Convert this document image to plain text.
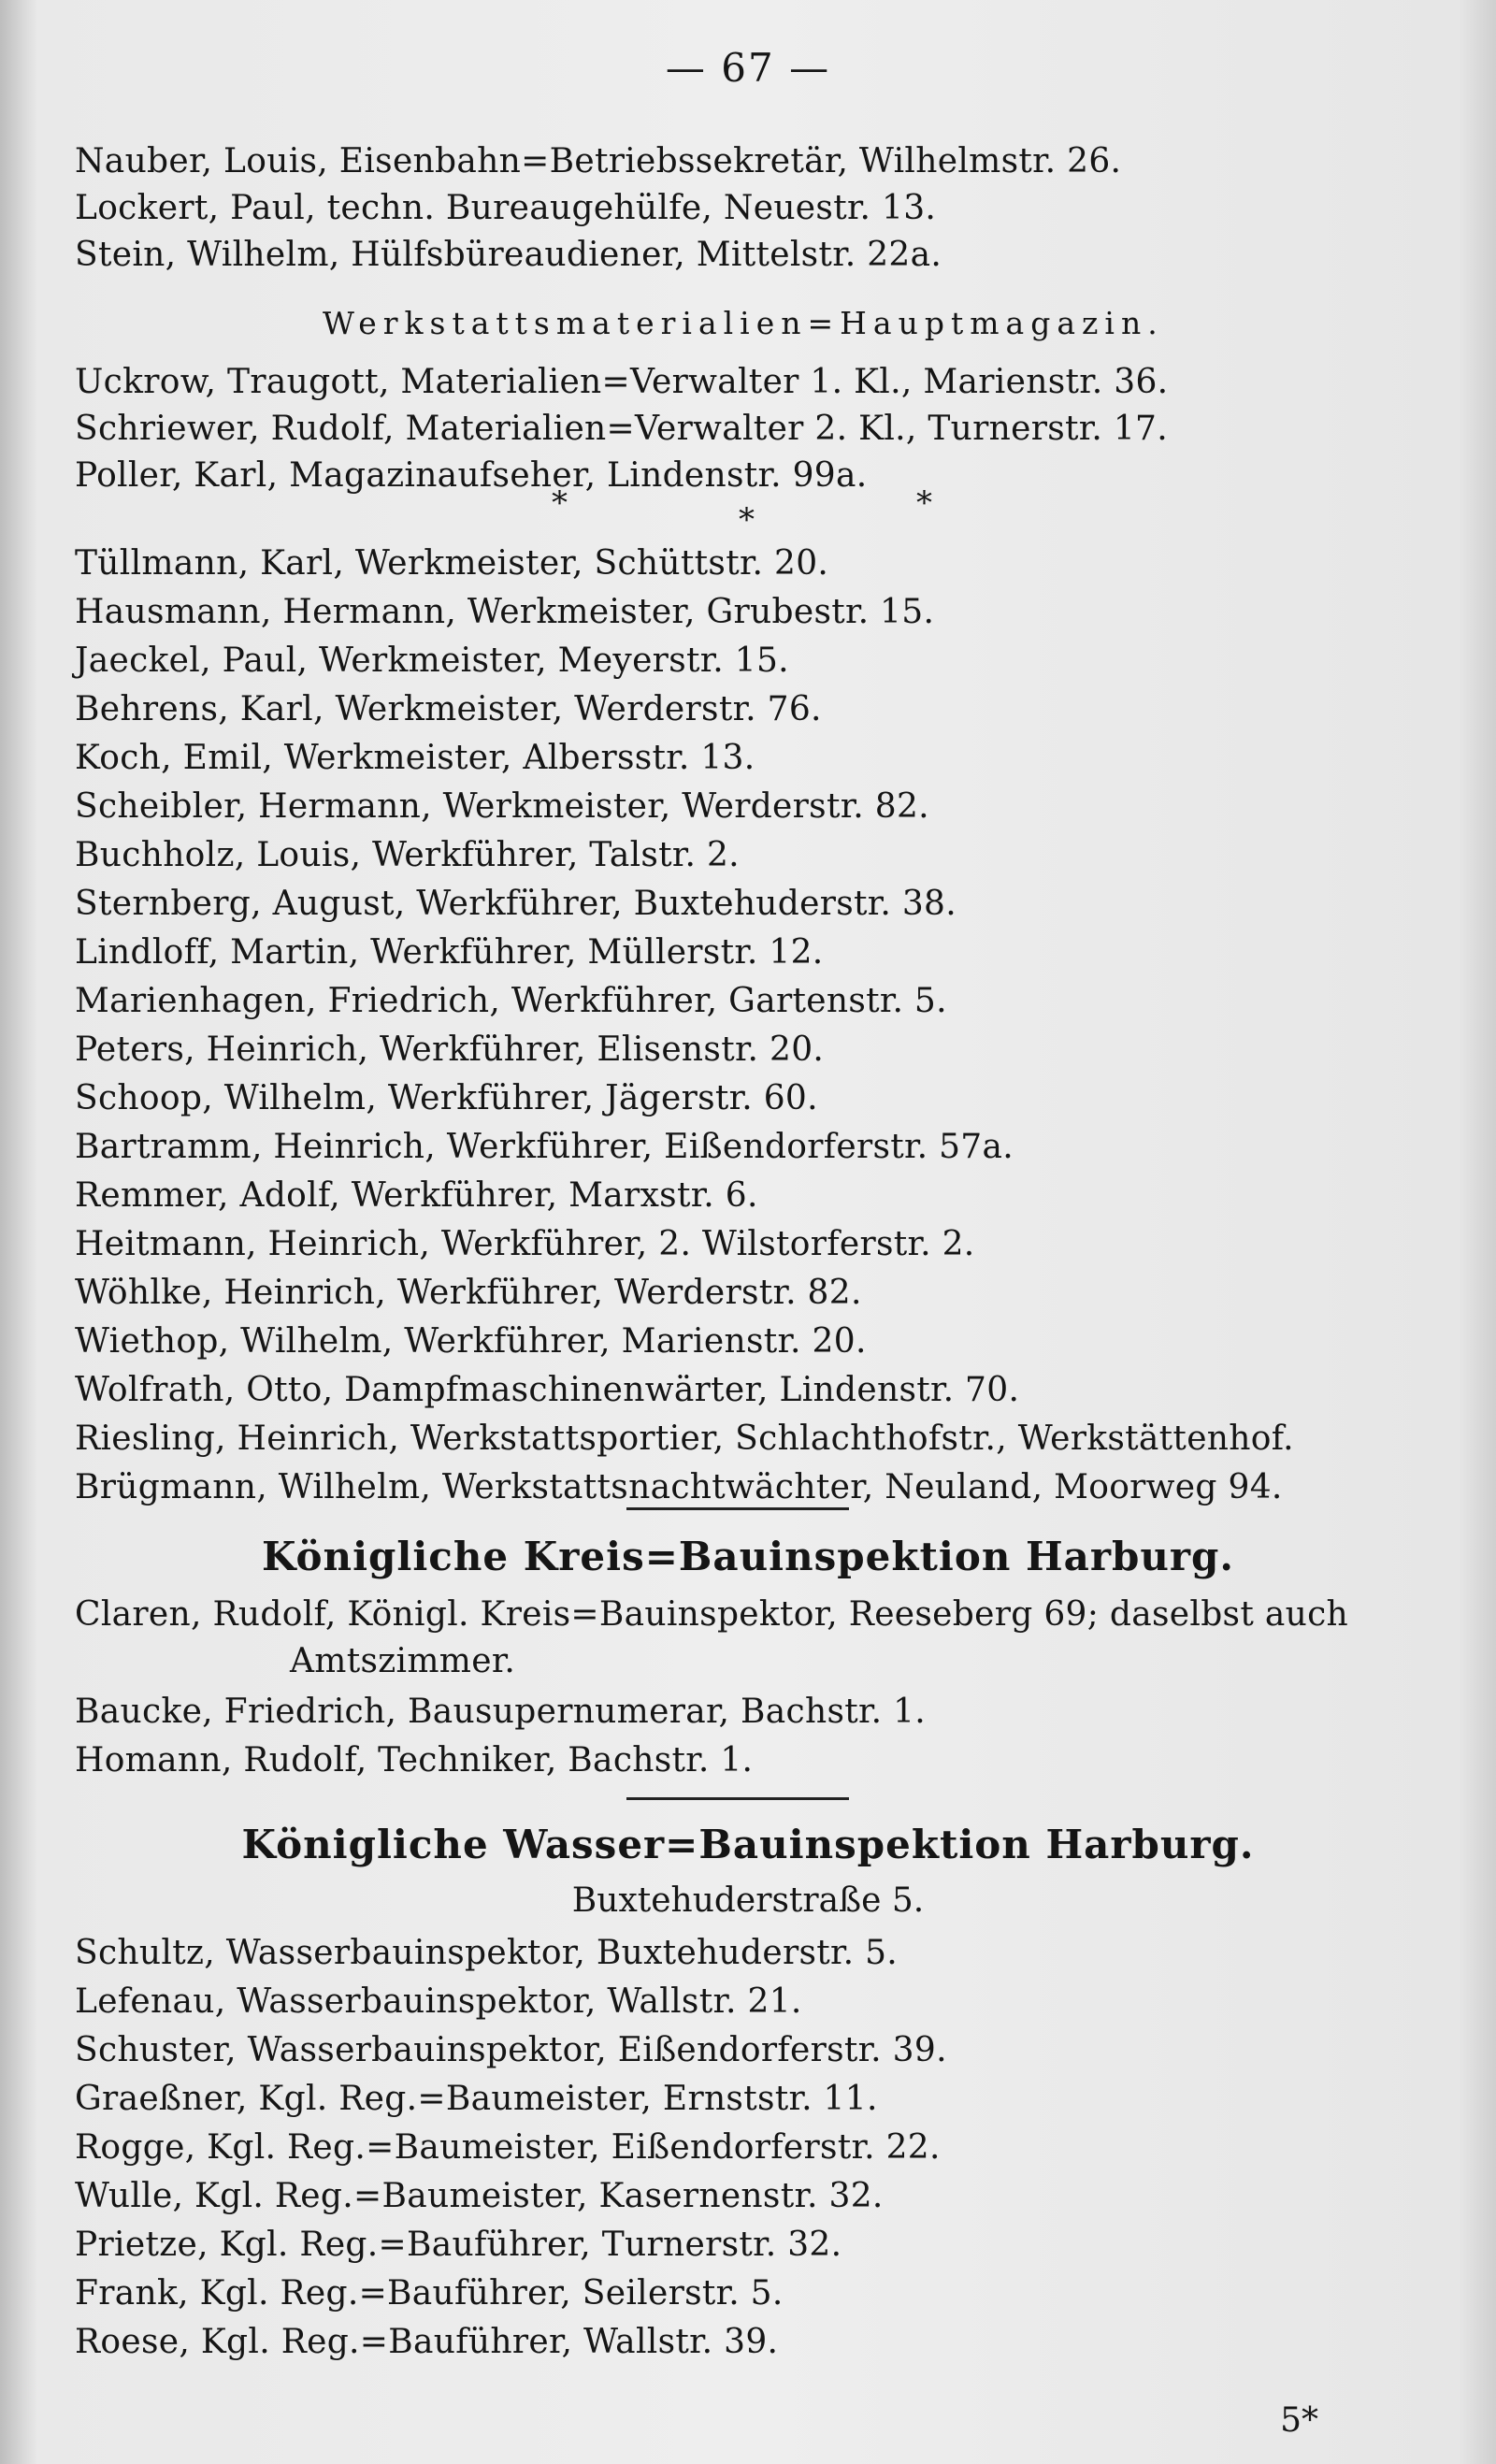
— 67 —
Nauber, Louis, Eisenbahn=Betriebssekretär, Wilhelmstr. 26.
Lockert, Paul, techn. Bureaugehülfe, Neuestr. 13.
Stein, Wilhelm, Hülfsbüreaudiener, Mittelstr. 22a.
Werkstattsmaterialien=Hauptmagazin.
Uckrow, Traugott, Materialien=Verwalter 1. Kl., Marienstr. 36.
Schriewer, Rudolf, Materialien=Verwalter 2. Kl., Turnerstr. 17.
Poller, Karl, Magazinaufseher, Lindenstr. 99a.
*	*	*
Tüllmann, Karl, Werkmeister, Schüttstr. 20.
Hausmann, Hermann, Werkmeister, Grubestr. 15.
Jaeckel, Paul, Werkmeister, Meyerstr. 15.
Behrens, Karl, Werkmeister, Werderstr. 76.
Koch, Emil, Werkmeister, Albersstr. 13.
Scheibler, Hermann, Werkmeister, Werderstr. 82.
Buchholz, Louis, Werkführer, Talstr. 2.
Sternberg, August, Werkführer, Buxtehuderstr. 38.
Lindloff, Martin, Werkführer, Müllerstr. 12.
Marienhagen, Friedrich, Werkführer, Gartenstr. 5.
Peters, Heinrich, Werkführer, Elisenstr. 20.
Schoop, Wilhelm, Werkführer, Jägerstr. 60.
Bartramm, Heinrich, Werkführer, Eißendorferstr. 57a.
Remmer, Adolf, Werkführer, Marxstr. 6.
Heitmann, Heinrich, Werkführer, 2. Wilstorferstr. 2.
Wöhlke, Heinrich, Werkführer, Werderstr. 82.
Wiethop, Wilhelm, Werkführer, Marienstr. 20.
Wolfrath, Otto, Dampfmaschinenwärter, Lindenstr. 70.
Riesling, Heinrich, Werkstattsportier, Schlachthofstr., Werkstättenhof.
Brügmann, Wilhelm, Werkstattsnachtwächter, Neuland, Moorweg 94.
Königliche Kreis=Bauinspektion Harburg.
Claren, Rudolf, Königl. Kreis=Bauinspektor, Reeseberg 69; daselbst auch
Amtszimmer.
Baucke, Friedrich, Bausupernumerar, Bachstr. 1.
Homann, Rudolf, Techniker, Bachstr. 1.
Königliche Wasser=Bauinspektion Harburg.
Buxtehuderstraße 5.
Schultz, Wasserbauinspektor, Buxtehuderstr. 5.
Lefenau, Wasserbauinspektor, Wallstr. 21.
Schuster, Wasserbauinspektor, Eißendorferstr. 39.
Graeßner, Kgl. Reg.=Baumeister, Ernststr. 11.
Rogge, Kgl. Reg.=Baumeister, Eißendorferstr. 22.
Wulle, Kgl. Reg.=Baumeister, Kasernenstr. 32.
Prietze, Kgl. Reg.=Bauführer, Turnerstr. 32.
Frank, Kgl. Reg.=Bauführer, Seilerstr. 5.
Roese, Kgl. Reg.=Bauführer, Wallstr. 39.
5*
